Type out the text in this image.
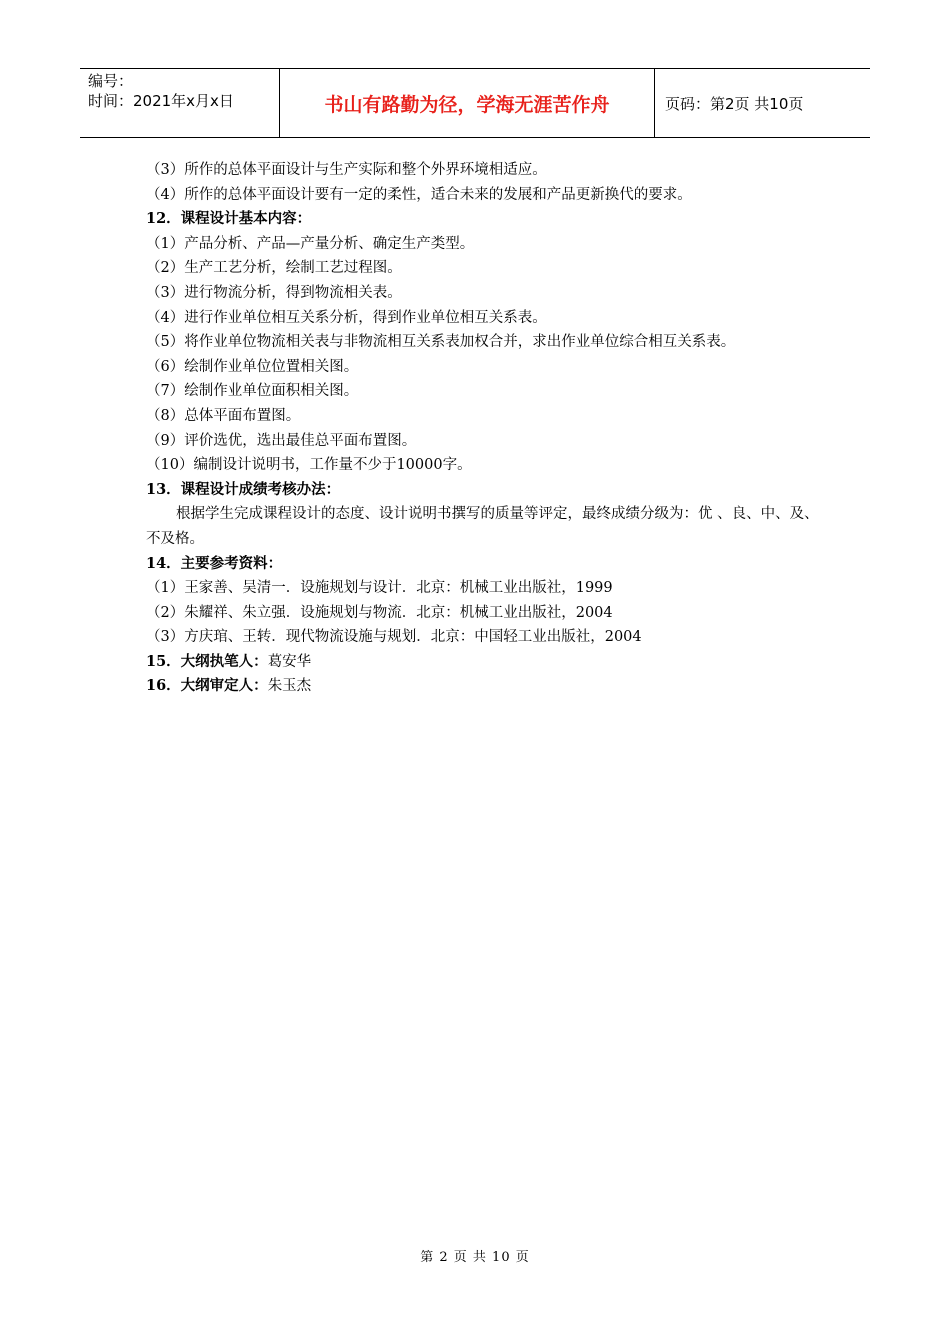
编号：
时间：2021年x月x日	书山有路勤为径，学海无涯苦作舟	页码：第2页 共10页
（3）所作的总体平面设计与生产实际和整个外界环境相适应。
（4）所作的总体平面设计要有一定的柔性，适合未来的发展和产品更新换代的要求。
12．课程设计基本内容：
（1）产品分析、产品—产量分析、确定生产类型。
（2）生产工艺分析，绘制工艺过程图。
（3）进行物流分析，得到物流相关表。
（4）进行作业单位相互关系分析，得到作业单位相互关系表。
（5）将作业单位物流相关表与非物流相互关系表加权合并，求出作业单位综合相互关系表。
（6）绘制作业单位位置相关图。
（7）绘制作业单位面积相关图。
（8）总体平面布置图。
（9）评价选优，选出最佳总平面布置图。
（10）编制设计说明书，工作量不少于10000字。
13．课程设计成绩考核办法：
根据学生完成课程设计的态度、设计说明书撰写的质量等评定，最终成绩分级为：优 、良、中、及、不及格。
14．主要参考资料：
（1）王家善、吴清一．设施规划与设计．北京：机械工业出版社，1999
（2）朱耀祥、朱立强．设施规划与物流．北京：机械工业出版社，2004
（3）方庆琯、王转．现代物流设施与规划．北京：中国轻工业出版社，2004
15．大纲执笔人：葛安华
16．大纲审定人：朱玉杰
第 2 页 共 10 页
